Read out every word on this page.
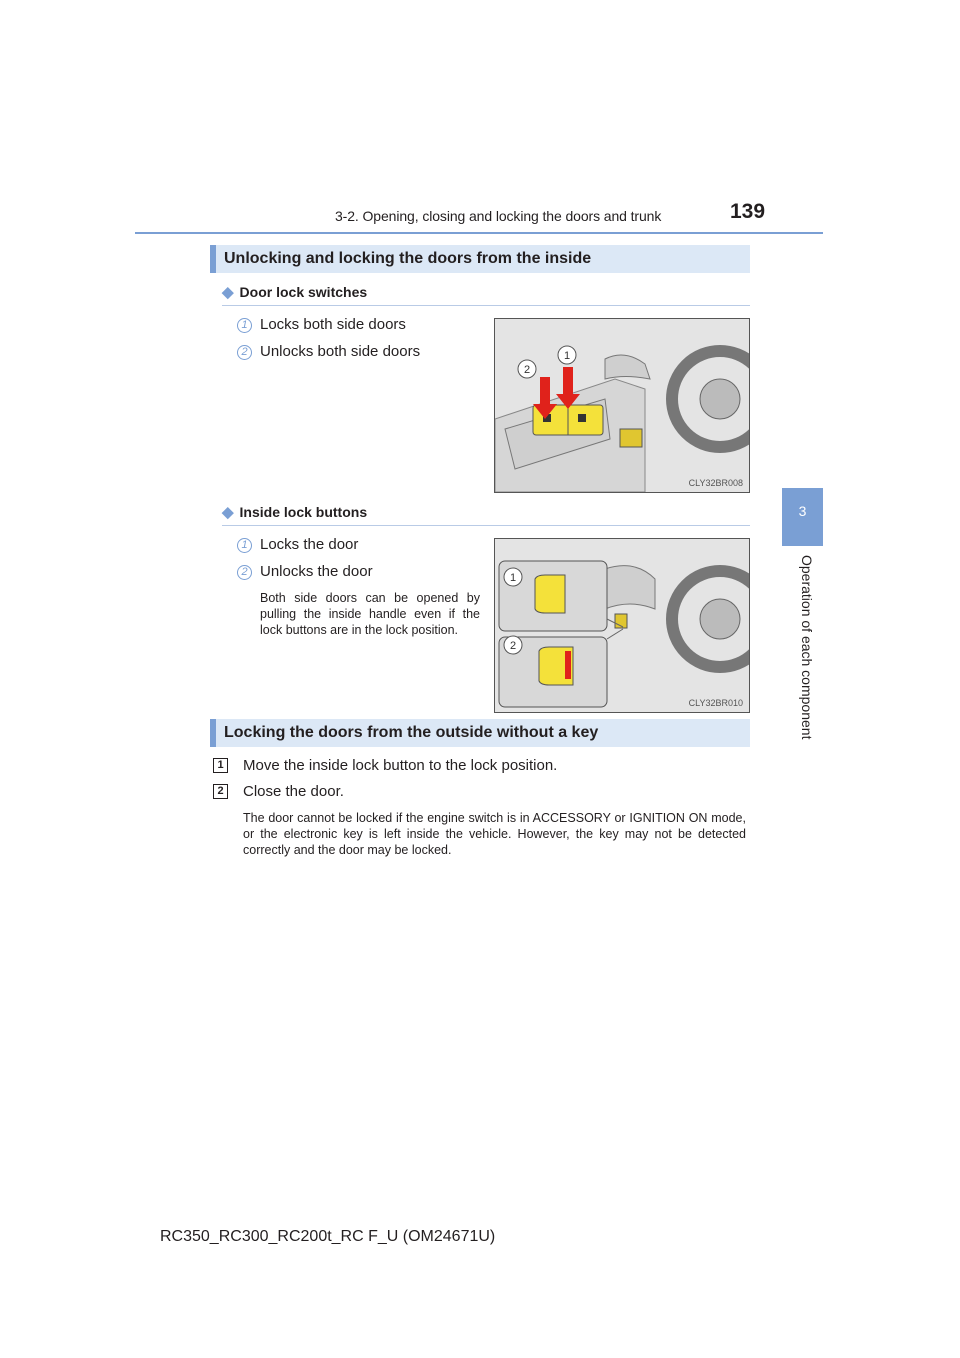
3-2. Opening, closing and locking the doors and trunk	139
3
Operation of each component
Unlocking and locking the doors from the inside
◆ Door lock switches
1 Locks both side doors
2 Unlocks both side doors
2
1
CLY32BR008
◆ Inside lock buttons
1 Locks the door
2 Unlocks the door
Both side doors can be opened by pulling the inside handle even if the lock buttons are in the lock position.
1
2
CLY32BR010
Locking the doors from the outside without a key
1 Move the inside lock button to the lock position.
2 Close the door.
The door cannot be locked if the engine switch is in ACCESSORY or IGNITION ON mode, or the electronic key is left inside the vehicle. However, the key may not be detected correctly and the door may be locked.
RC350_RC300_RC200t_RC F_U (OM24671U)
